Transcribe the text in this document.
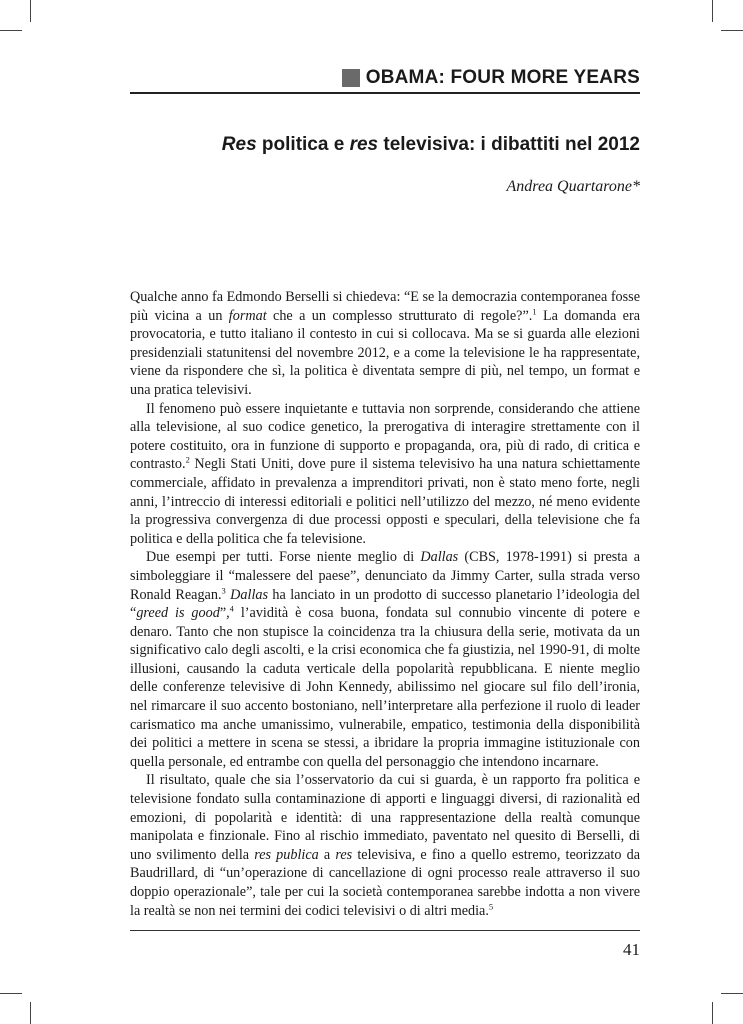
OBAMA: FOUR MORE YEARS
Res politica e res televisiva: i dibattiti nel 2012
Andrea Quartarone*

Qualche anno fa Edmondo Berselli si chiedeva: “E se la democrazia contemporanea fosse più vicina a un format che a un complesso strutturato di regole?”.$^1$ La domanda era provocatoria, e tutto italiano il contesto in cui si collocava. Ma se si guarda alle elezioni presidenziali statunitensi del novembre 2012, e a come la televisione le ha rappresentate, viene da rispondere che sì, la politica è diventata sempre di più, nel tempo, un format e una pratica televisivi.

Il fenomeno può essere inquietante e tuttavia non sorprende, considerando che attiene alla televisione, al suo codice genetico, la prerogativa di interagire strettamente con il potere costituito, ora in funzione di supporto e propaganda, ora, più di rado, di critica e contrasto.$^2$ Negli Stati Uniti, dove pure il sistema televisivo ha una natura schiettamente commerciale, affidato in prevalenza a imprenditori privati, non è stato meno forte, negli anni, l’intreccio di interessi editoriali e politici nell’utilizzo del mezzo, né meno evidente la progressiva convergenza di due processi opposti e speculari, della televisione che fa politica e della politica che fa televisione.

Due esempi per tutti. Forse niente meglio di Dallas (CBS, 1978-1991) si presta a simboleggiare il “malessere del paese”, denunciato da Jimmy Carter, sulla strada verso Ronald Reagan.$^3$ Dallas ha lanciato in un prodotto di successo planetario l’ideologia del “greed is good”,$^4$ l’avidità è cosa buona, fondata sul connubio vincente di potere e denaro. Tanto che non stupisce la coincidenza tra la chiusura della serie, motivata da un significativo calo degli ascolti, e la crisi economica che fa giustizia, nel 1990-91, di molte illusioni, causando la caduta verticale della popolarità repubblicana. E niente meglio delle conferenze televisive di John Kennedy, abilissimo nel giocare sul filo dell’ironia, nel rimarcare il suo accento bostoniano, nell’interpretare alla perfezione il ruolo di leader carismatico ma anche umanissimo, vulnerabile, empatico, testimonia della disponibilità dei politici a mettere in scena se stessi, a ibridare la propria immagine istituzionale con quella personale, ed entrambe con quella del personaggio che intendono incarnare.

Il risultato, quale che sia l’osservatorio da cui si guarda, è un rapporto fra politica e televisione fondato sulla contaminazione di apporti e linguaggi diversi, di razionalità ed emozioni, di popolarità e identità: di una rappresentazione della realtà comunque manipolata e finzionale. Fino al rischio immediato, paventato nel quesito di Berselli, di uno svilimento della res publica a res televisiva, e fino a quello estremo, teorizzato da Baudrillard, di “un’operazione di cancellazione di ogni processo reale attraverso il suo doppio operazionale”, tale per cui la società contemporanea sarebbe indotta a non vivere la realtà se non nei termini dei codici televisivi o di altri media.$^5$

41
